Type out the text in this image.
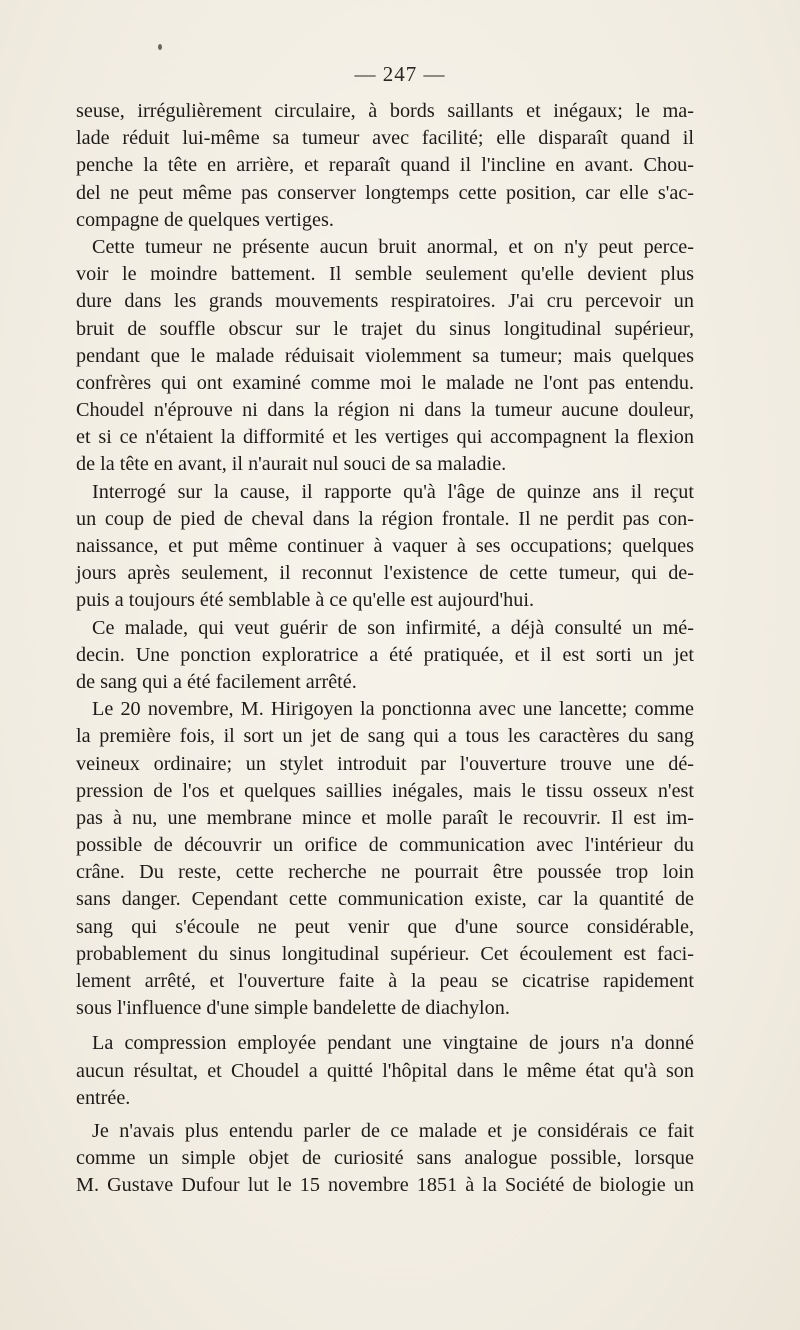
— 247 —
seuse, irrégulièrement circulaire, à bords saillants et inégaux; le ma-
lade réduit lui-même sa tumeur avec facilité; elle disparaît quand il
penche la tête en arrière, et reparaît quand il l'incline en avant. Chou-
del ne peut même pas conserver longtemps cette position, car elle s'ac-
compagne de quelques vertiges.
Cette tumeur ne présente aucun bruit anormal, et on n'y peut perce-
voir le moindre battement. Il semble seulement qu'elle devient plus
dure dans les grands mouvements respiratoires. J'ai cru percevoir un
bruit de souffle obscur sur le trajet du sinus longitudinal supérieur,
pendant que le malade réduisait violemment sa tumeur; mais quelques
confrères qui ont examiné comme moi le malade ne l'ont pas entendu.
Choudel n'éprouve ni dans la région ni dans la tumeur aucune douleur,
et si ce n'étaient la difformité et les vertiges qui accompagnent la flexion
de la tête en avant, il n'aurait nul souci de sa maladie.
Interrogé sur la cause, il rapporte qu'à l'âge de quinze ans il reçut
un coup de pied de cheval dans la région frontale. Il ne perdit pas con-
naissance, et put même continuer à vaquer à ses occupations; quelques
jours après seulement, il reconnut l'existence de cette tumeur, qui de-
puis a toujours été semblable à ce qu'elle est aujourd'hui.
Ce malade, qui veut guérir de son infirmité, a déjà consulté un mé-
decin. Une ponction exploratrice a été pratiquée, et il est sorti un jet
de sang qui a été facilement arrêté.
Le 20 novembre, M. Hirigoyen la ponctionna avec une lancette; comme
la première fois, il sort un jet de sang qui a tous les caractères du sang
veineux ordinaire; un stylet introduit par l'ouverture trouve une dé-
pression de l'os et quelques saillies inégales, mais le tissu osseux n'est
pas à nu, une membrane mince et molle paraît le recouvrir. Il est im-
possible de découvrir un orifice de communication avec l'intérieur du
crâne. Du reste, cette recherche ne pourrait être poussée trop loin
sans danger. Cependant cette communication existe, car la quantité de
sang qui s'écoule ne peut venir que d'une source considérable,
probablement du sinus longitudinal supérieur. Cet écoulement est faci-
lement arrêté, et l'ouverture faite à la peau se cicatrise rapidement
sous l'influence d'une simple bandelette de diachylon.
La compression employée pendant une vingtaine de jours n'a donné
aucun résultat, et Choudel a quitté l'hôpital dans le même état qu'à son
entrée.
Je n'avais plus entendu parler de ce malade et je considérais ce fait
comme un simple objet de curiosité sans analogue possible, lorsque
M. Gustave Dufour lut le 15 novembre 1851 à la Société de biologie un
